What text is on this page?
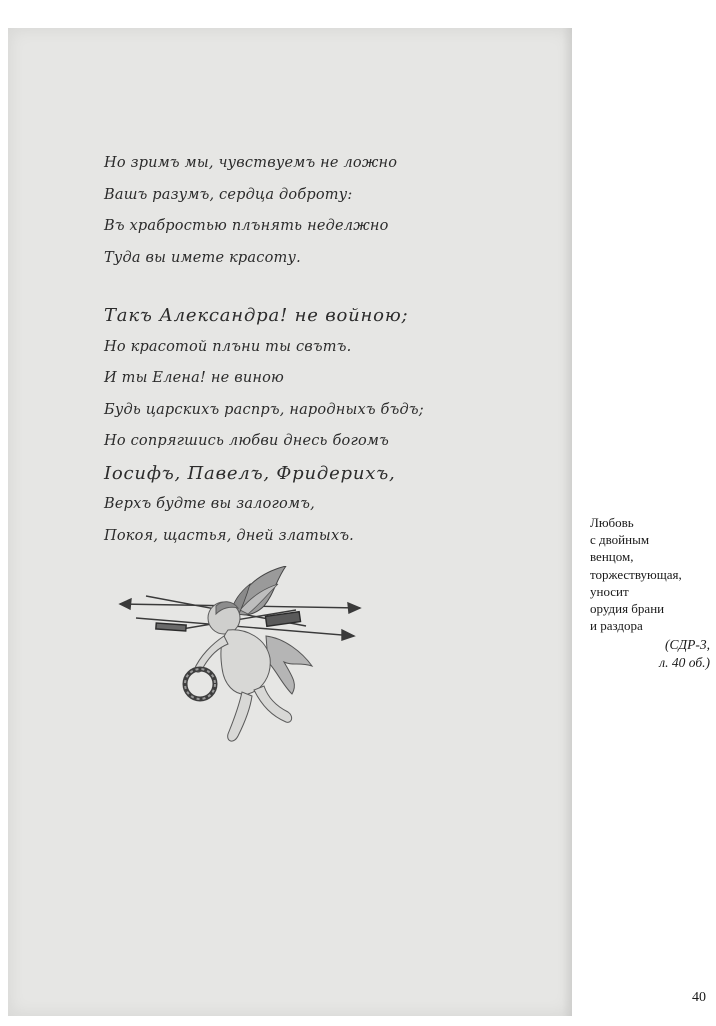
Но зримъ мы, чувствуемъ не ложно
Вашъ разумъ, сердца доброту:
Въ храбростью плънять неделжно
Туда вы имете красоту.
Такъ Александра! не войною;
Но красотой плъни ты свътъ.
И ты Елена! не виною
Будь царскихъ распръ, народныхъ бъдъ;
Но сопрягшись любви днесь богомъ
Іосифъ, Павелъ, Фридерихъ,
Верхъ будте вы залогомъ,
Покоя, щастья, дней златыхъ.
Любовь
с двойным
венцом,
торжествующая,
уносит
орудия брани
и раздора
(СДР-3,
л. 40 об.)
40
